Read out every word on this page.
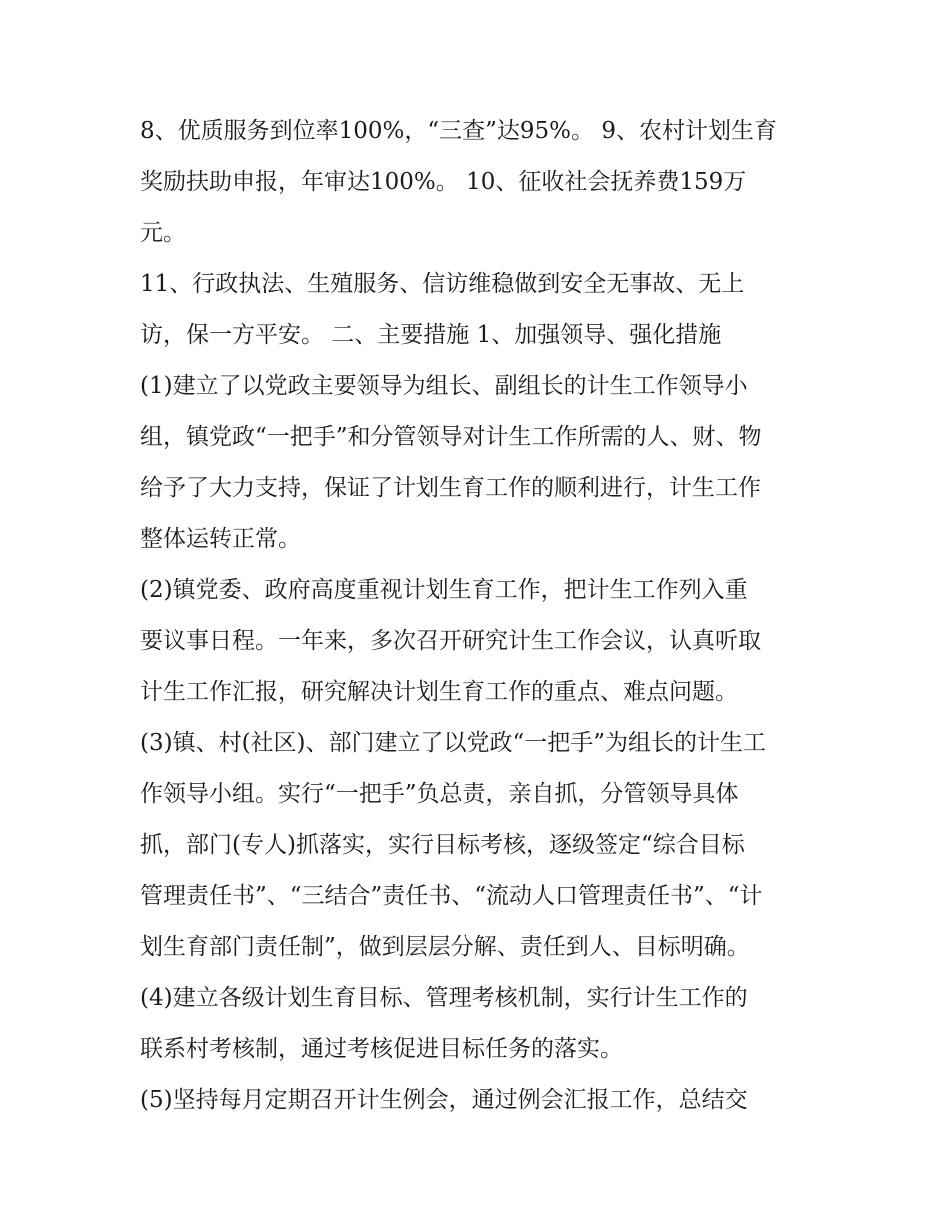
8、优质服务到位率100%，“三查”达95%。 9、农村计划生育
奖励扶助申报，年审达100%。 10、征收社会抚养费159万
元。

11、行政执法、生殖服务、信访维稳做到安全无事故、无上
访，保一方平安。 二、主要措施 1、加强领导、强化措施

(1)建立了以党政主要领导为组长、副组长的计生工作领导小
组，镇党政“一把手”和分管领导对计生工作所需的人、财、物
给予了大力支持，保证了计划生育工作的顺利进行，计生工作
整体运转正常。

(2)镇党委、政府高度重视计划生育工作，把计生工作列入重
要议事日程。一年来，多次召开研究计生工作会议，认真听取
计生工作汇报，研究解决计划生育工作的重点、难点问题。

(3)镇、村(社区)、部门建立了以党政“一把手”为组长的计生工
作领导小组。实行“一把手”负总责，亲自抓，分管领导具体
抓，部门(专人)抓落实，实行目标考核，逐级签定“综合目标
管理责任书”、“三结合”责任书、“流动人口管理责任书”、“计
划生育部门责任制”，做到层层分解、责任到人、目标明确。

(4)建立各级计划生育目标、管理考核机制，实行计生工作的
联系村考核制，通过考核促进目标任务的落实。

(5)坚持每月定期召开计生例会，通过例会汇报工作，总结交
